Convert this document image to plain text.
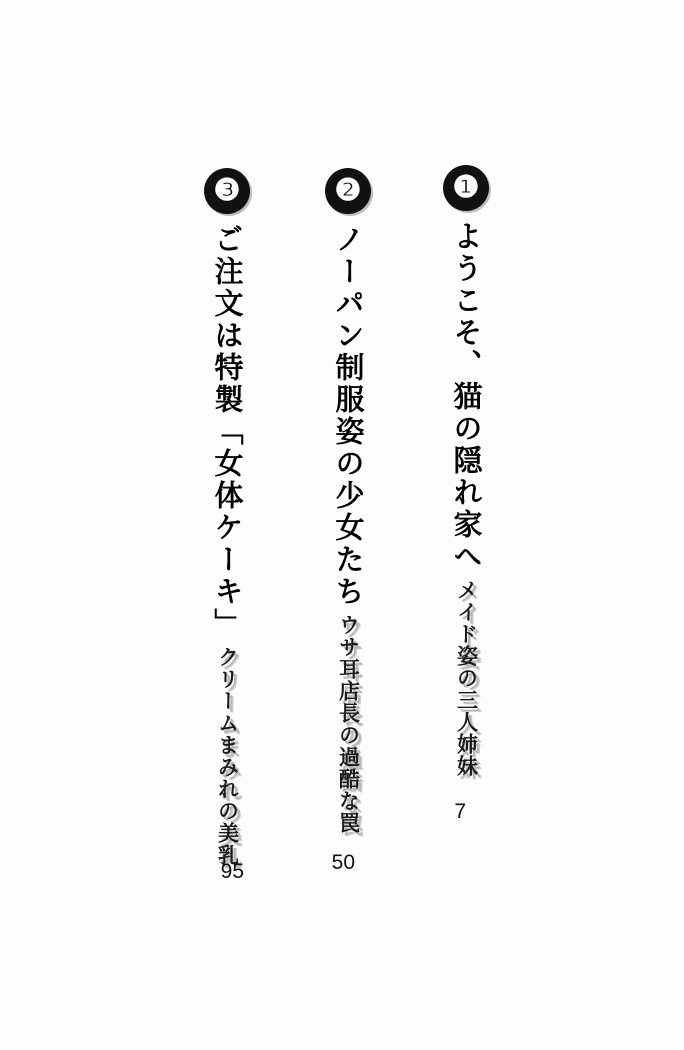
❶
ようこそ、猫の隠れ家へ
メイド姿の三人姉妹
7
❷
ノーパン制服姿の少女たち
ウサ耳店長の過酷な罠
50
❸
ご注文は特製「女体ケーキ」
クリームまみれの美乳
95
